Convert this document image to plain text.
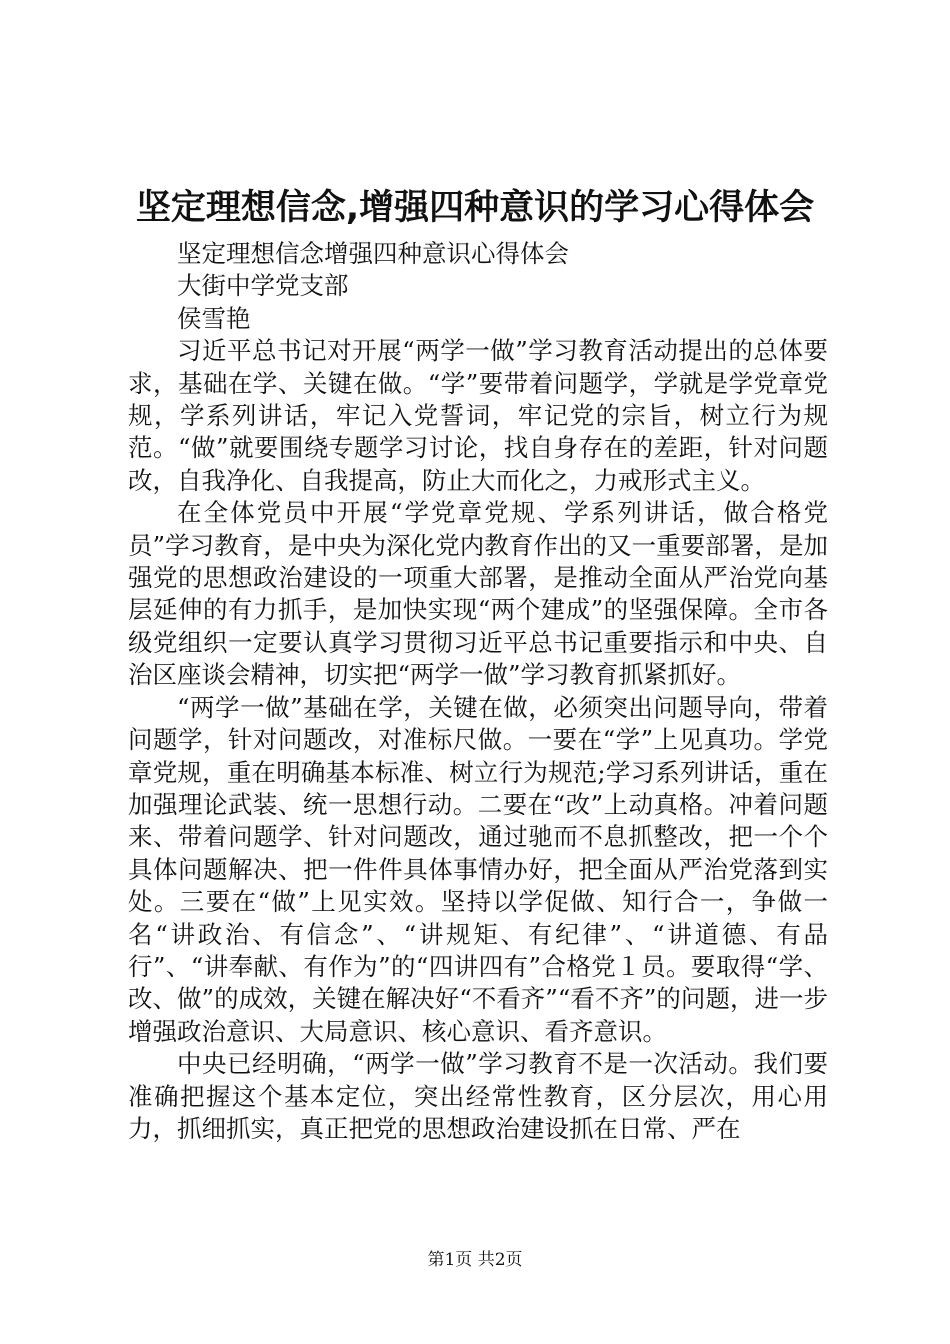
坚定理想信念,增强四种意识的学习心得体会

坚定理想信念增强四种意识心得体会

大街中学党支部

侯雪艳

习近平总书记对开展“两学一做”学习教育活动提出的总体要求，基础在学、关键在做。“学”要带着问题学，学就是学党章党规，学系列讲话，牢记入党誓词，牢记党的宗旨，树立行为规范。“做”就要围绕专题学习讨论，找自身存在的差距，针对问题改，自我净化、自我提高，防止大而化之，力戒形式主义。

在全体党员中开展“学党章党规、学系列讲话，做合格党员”学习教育，是中央为深化党内教育作出的又一重要部署，是加强党的思想政治建设的一项重大部署，是推动全面从严治党向基层延伸的有力抓手，是加快实现“两个建成”的坚强保障。全市各级党组织一定要认真学习贯彻习近平总书记重要指示和中央、自治区座谈会精神，切实把“两学一做”学习教育抓紧抓好。

“两学一做”基础在学，关键在做，必须突出问题导向，带着问题学，针对问题改，对准标尺做。一要在“学”上见真功。学党章党规，重在明确基本标准、树立行为规范;学习系列讲话，重在加强理论武装、统一思想行动。二要在“改”上动真格。冲着问题来、带着问题学、针对问题改，通过驰而不息抓整改，把一个个具体问题解决、把一件件具体事情办好，把全面从严治党落到实处。三要在“做”上见实效。坚持以学促做、知行合一，争做一名“讲政治、有信念”、“讲规矩、有纪律”、“讲道德、有品行”、“讲奉献、有作为”的“四讲四有”合格党１员。要取得“学、改、做”的成效，关键在解决好“不看齐”“看不齐”的问题，进一步增强政治意识、大局意识、核心意识、看齐意识。

中央已经明确，“两学一做”学习教育不是一次活动。我们要准确把握这个基本定位，突出经常性教育，区分层次，用心用力，抓细抓实，真正把党的思想政治建设抓在日常、严在

第1页 共2页
